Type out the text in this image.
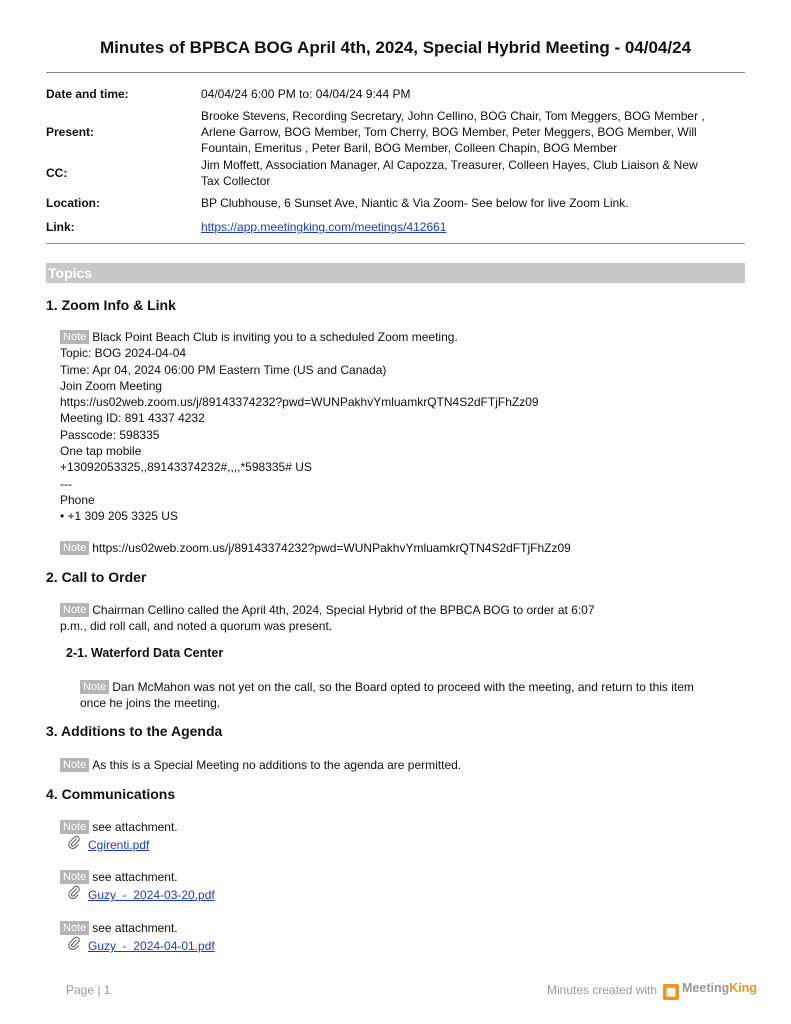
Minutes of BPBCA BOG April 4th, 2024, Special Hybrid Meeting - 04/04/24
Date and time:	04/04/24 6:00 PM to: 04/04/24 9:44 PM
Present:
Brooke Stevens, Recording Secretary, John Cellino, BOG Chair, Tom Meggers, BOG Member ,
Arlene Garrow, BOG Member, Tom Cherry, BOG Member, Peter Meggers, BOG Member, Will
Fountain, Emeritus , Peter Baril, BOG Member, Colleen Chapin, BOG Member
CC:
Jim Moffett, Association Manager, Al Capozza, Treasurer, Colleen Hayes, Club Liaison & New
Tax Collector
Location:	BP Clubhouse, 6 Sunset Ave, Niantic & Via Zoom- See below for live Zoom Link.
Link:	https://app.meetingking.com/meetings/412661
Topics
1. Zoom Info & Link
Note Black Point Beach Club is inviting you to a scheduled Zoom meeting.
Topic: BOG 2024-04-04
Time: Apr 04, 2024 06:00 PM Eastern Time (US and Canada)
Join Zoom Meeting
https://us02web.zoom.us/j/89143374232?pwd=WUNPakhvYmluamkrQTN4S2dFTjFhZz09
Meeting ID: 891 4337 4232
Passcode: 598335
One tap mobile
+13092053325,,89143374232#,,,,*598335# US
---
Phone
• +1 309 205 3325 US
Note https://us02web.zoom.us/j/89143374232?pwd=WUNPakhvYmluamkrQTN4S2dFTjFhZz09
2. Call to Order
Note Chairman Cellino called the April 4th, 2024, Special Hybrid of the BPBCA BOG to order at 6:07
p.m., did roll call, and noted a quorum was present.
2-1. Waterford Data Center
Note Dan McMahon was not yet on the call, so the Board opted to proceed with the meeting, and return to this item
once he joins the meeting.
3. Additions to the Agenda
Note As this is a Special Meeting no additions to the agenda are permitted.
4. Communications
Note see attachment.
Cgirenti.pdf
Note see attachment.
Guzy  -  2024-03-20.pdf
Note see attachment.
Guzy  -  2024-04-01.pdf
Page | 1	Minutes created with ▦ MeetingKing
